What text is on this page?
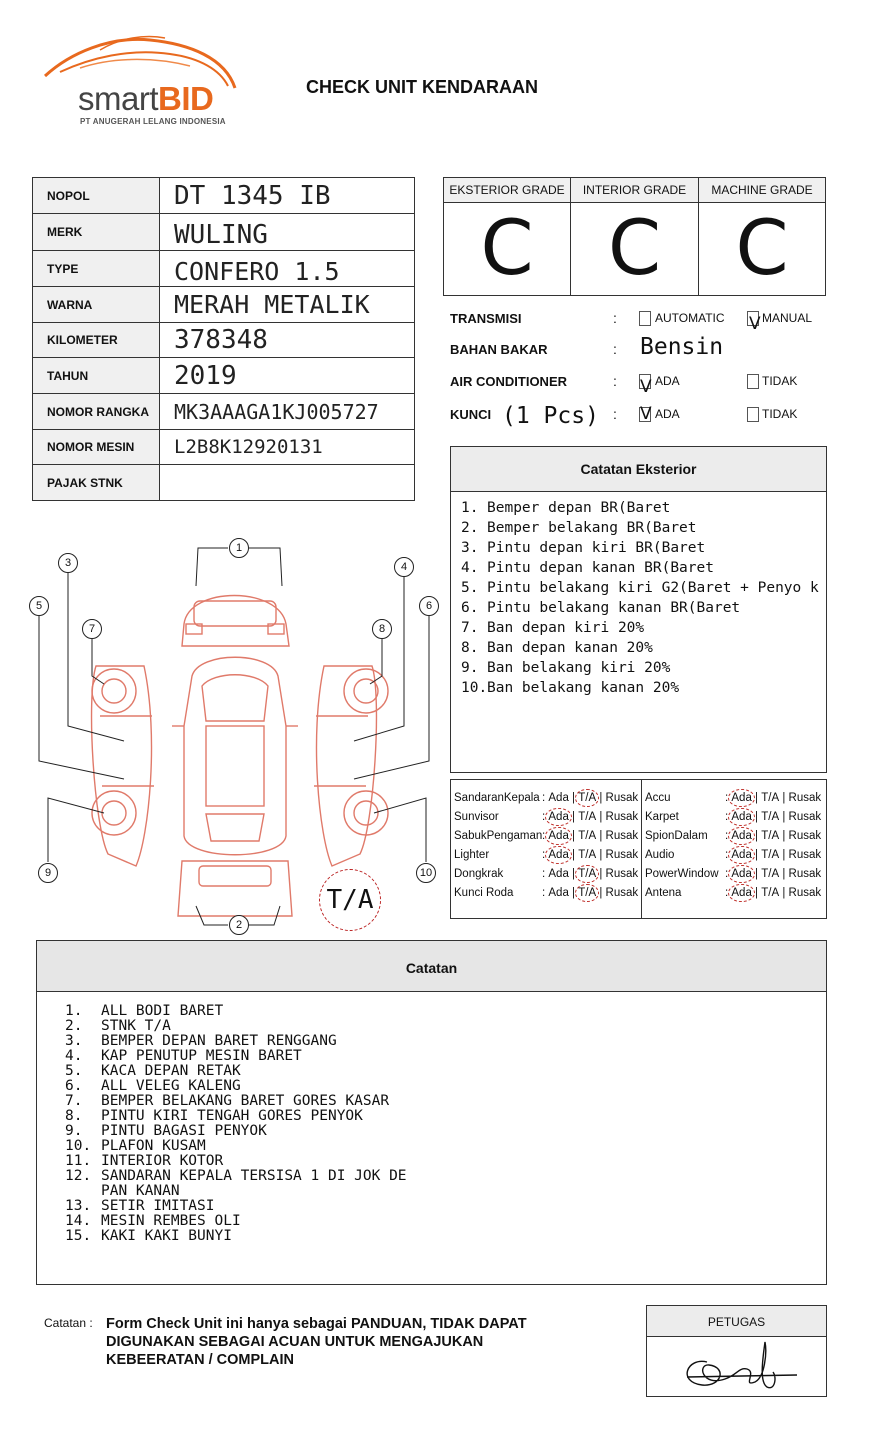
smartBID
PT ANUGERAH LELANG INDONESIA
CHECK UNIT KENDARAAN
NOPOL	DT 1345 IB
MERK	WULING
TYPE	CONFERO 1.5
WARNA	MERAH METALIK
KILOMETER	378348
TAHUN	2019
NOMOR RANGKA	MK3AAAGA1KJ005727
NOMOR MESIN	L2B8K12920131
PAJAK STNK	
EKSTERIOR GRADE
C
INTERIOR GRADE
C
MACHINE GRADE
C
TRANSMISI	:	AUTOMATIC V MANUAL
BAHAN BAKAR	: Bensin
AIR CONDITIONER	: V ADA	TIDAK
KUNCI (1 Pcs) : V ADA	TIDAK
Catatan Eksterior
1. Bemper depan BR(Baret
2. Bemper belakang BR(Baret
3. Pintu depan kiri BR(Baret
4. Pintu depan kanan BR(Baret
5. Pintu belakang kiri G2(Baret + Penyo k
6. Pintu belakang kanan BR(Baret
7. Ban depan kiri 20%
8. Ban depan kanan 20%
9. Ban belakang kiri 20%
10. Ban belakang kanan 20%
SandaranKepala : Ada | T/A | Rusak
Sunvisor	: Ada | T/A | Rusak
SabukPengaman: Ada | T/A | Rusak
Lighter	: Ada | T/A | Rusak
Dongkrak	: Ada | T/A | Rusak
Kunci Roda : Ada | T/A | Rusak
Accu	: Ada | T/A | Rusak
Karpet	: Ada | T/A | Rusak
SpionDalam : Ada | T/A | Rusak
Audio	: Ada | T/A | Rusak
PowerWindow : Ada | T/A | Rusak
Antena	: Ada | T/A | Rusak
1
2
3	4
5	6
7	8
9	10
T/A
Catatan
1.	ALL BODI BARET
2.	STNK T/A
3.	BEMPER DEPAN BARET RENGGANG
4.	KAP PENUTUP MESIN BARET
5.	KACA DEPAN RETAK
6.	ALL VELEG KALENG
7.	BEMPER BELAKANG BARET GORES KASAR
8.	PINTU KIRI TENGAH GORES PENYOK
9.	PINTU BAGASI PENYOK
10. PLAFON KUSAM
11. INTERIOR KOTOR
12. SANDARAN KEPALA TERSISA 1 DI JOK DE PAN KANAN
13. SETIR IMITASI
14. MESIN REMBES OLI
15. KAKI KAKI BUNYI
Catatan : Form Check Unit ini hanya sebagai PANDUAN, TIDAK DAPAT DIGUNAKAN SEBAGAI ACUAN UNTUK MENGAJUKAN KEBEERATAN / COMPLAIN
PETUGAS
